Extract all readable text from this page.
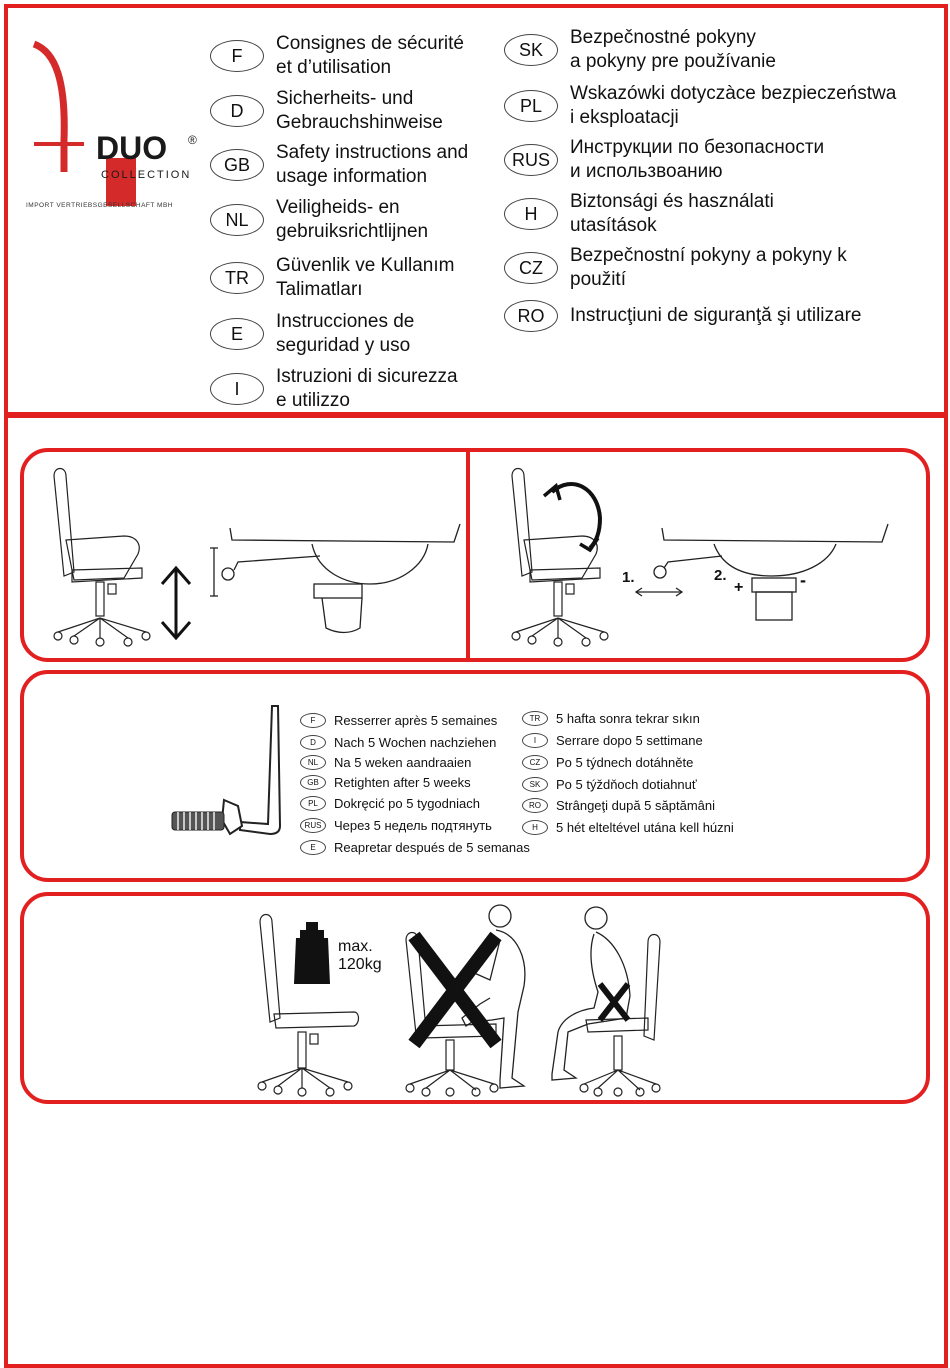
DUO ®
COLLECTION
IMPORT VERTRIEBSGESELLSCHAFT MBH
F
Consignes de sécurité
et d’utilisation
D
Sicherheits- und
Gebrauchshinweise
GB
Safety instructions and
usage information
NL
Veiligheids- en
gebruiksrichtlijnen
TR
Güvenlik ve Kullanım
Talimatları
E
Instrucciones de
seguridad y uso
I
Istruzioni di sicurezza
e utilizzo
SK
Bezpečnostné pokyny
a pokyny pre používanie
PL
Wskazówki dotyczàce bezpieczeństwa
i eksploatacji
RUS
Инструкции по безопасности
и использвоанию
H
Biztonsági és használati
utasítások
CZ
Bezpečnostní pokyny a pokyny k
použití
RO	Instrucţiuni de siguranţă şi utilizare
1.	2.
+	-
F	Resserrer après 5 semaines
D	Nach 5 Wochen nachziehen
NL	Na 5 weken aandraaien
GB	Retighten after 5 weeks
PL	Dokręcić po 5 tygodniach
RUS Через 5 недель подтянуть
E	Reapretar después de 5 semanas
TR	5 hafta sonra tekrar sıkın
I	Serrare dopo 5 settimane
CZ	Po 5 týdnech dotáhněte
SK	Po 5 týždňoch dotiahnuť
RO	Strângeţi după 5 săptămâni
H	5 hét elteltével utána kell húzni
max.
120kg
